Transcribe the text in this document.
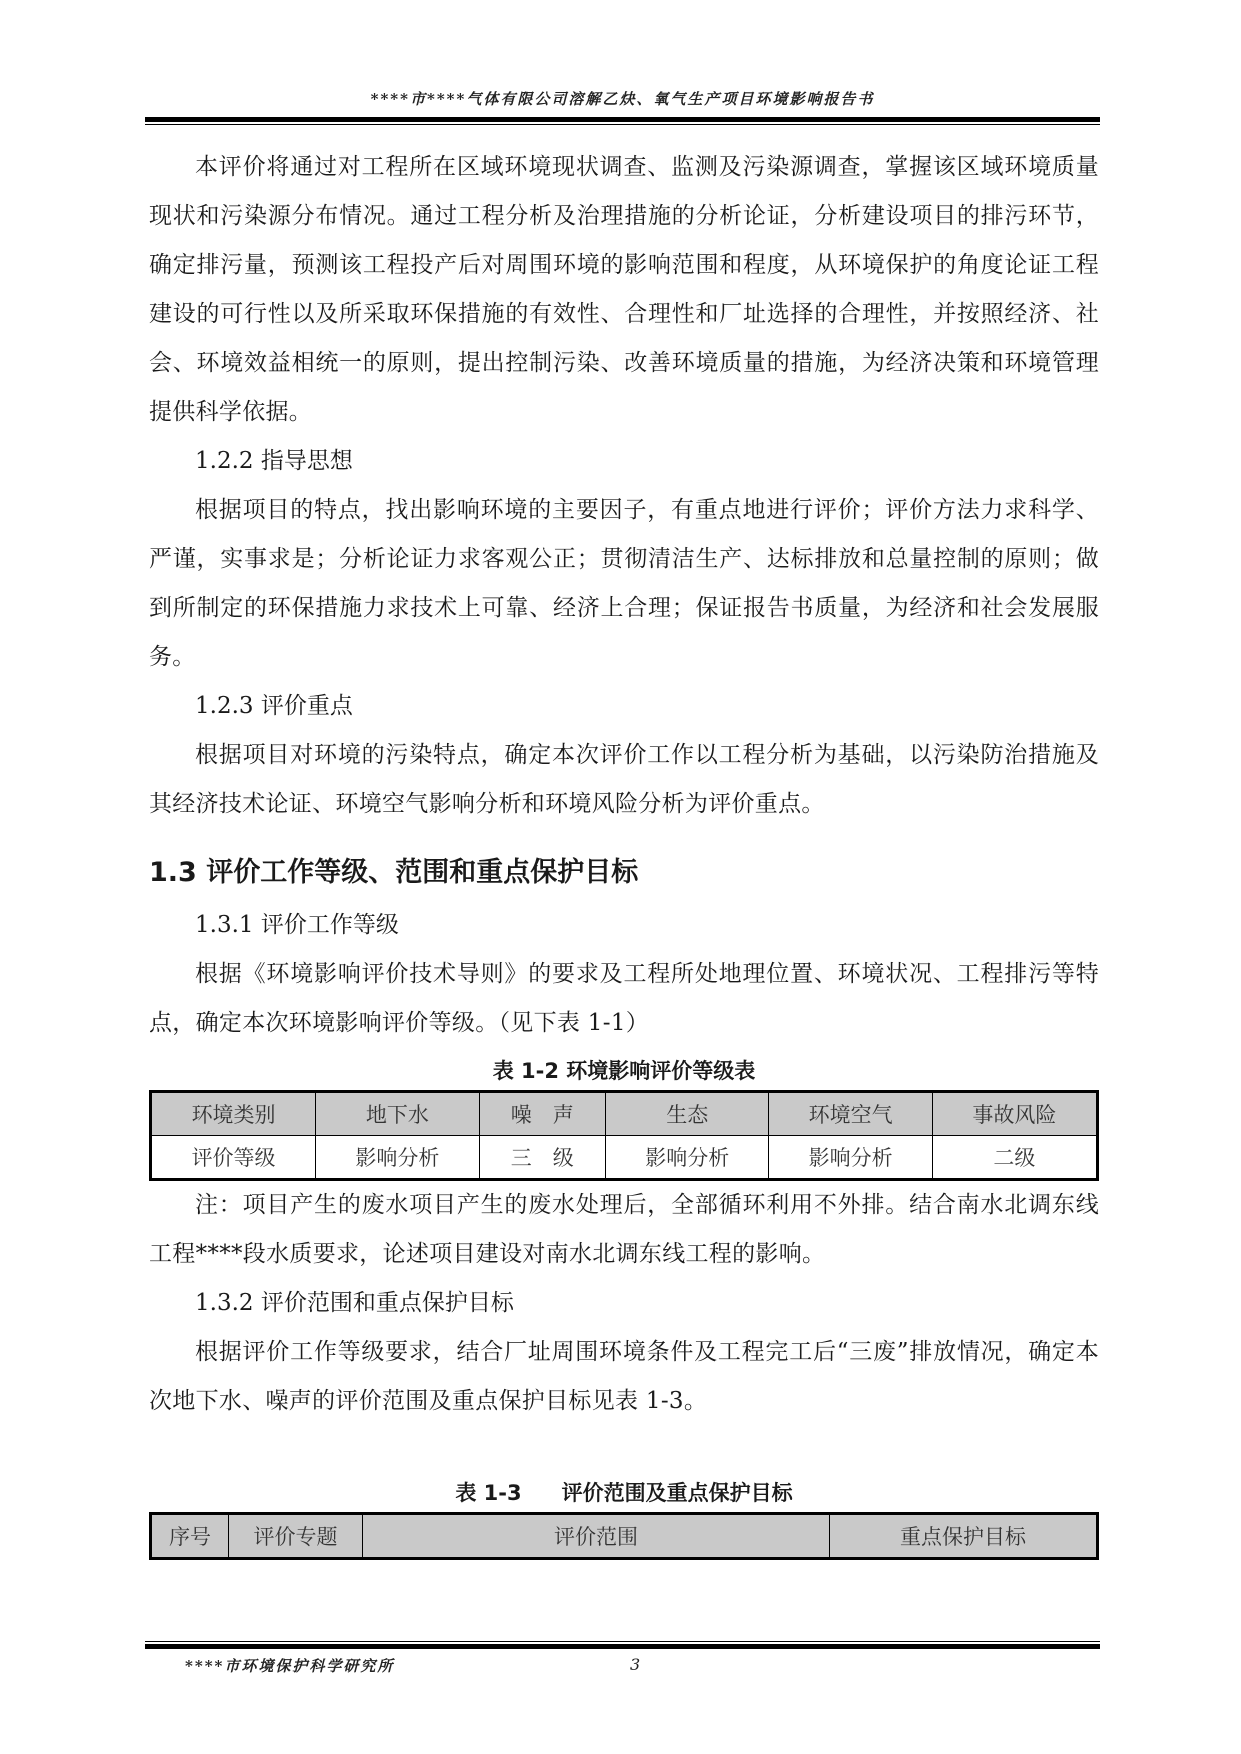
****市****气体有限公司溶解乙炔、氧气生产项目环境影响报告书

本评价将通过对工程所在区域环境现状调查、监测及污染源调查，掌握该区域环境质量现状和污染源分布情况。通过工程分析及治理措施的分析论证，分析建设项目的排污环节，确定排污量，预测该工程投产后对周围环境的影响范围和程度，从环境保护的角度论证工程建设的可行性以及所采取环保措施的有效性、合理性和厂址选择的合理性，并按照经济、社会、环境效益相统一的原则，提出控制污染、改善环境质量的措施，为经济决策和环境管理提供科学依据。

1.2.2 指导思想

根据项目的特点，找出影响环境的主要因子，有重点地进行评价；评价方法力求科学、严谨，实事求是；分析论证力求客观公正；贯彻清洁生产、达标排放和总量控制的原则；做到所制定的环保措施力求技术上可靠、经济上合理；保证报告书质量，为经济和社会发展服务。

1.2.3 评价重点

根据项目对环境的污染特点，确定本次评价工作以工程分析为基础，以污染防治措施及其经济技术论证、环境空气影响分析和环境风险分析为评价重点。

1.3 评价工作等级、范围和重点保护目标

1.3.1 评价工作等级

根据《环境影响评价技术导则》的要求及工程所处地理位置、环境状况、工程排污等特点，确定本次环境影响评价等级。（见下表 1-1）

表 1-2 环境影响评价等级表
环境类别	地下水	噪　声	生态	环境空气	事故风险
评价等级	影响分析	三　级	影响分析	影响分析	二级

注：项目产生的废水项目产生的废水处理后，全部循环利用不外排。结合南水北调东线工程****段水质要求，论述项目建设对南水北调东线工程的影响。

1.3.2 评价范围和重点保护目标

根据评价工作等级要求，结合厂址周围环境条件及工程完工后“三废”排放情况，确定本次地下水、噪声的评价范围及重点保护目标见表 1-3。

表 1-3 评价范围及重点保护目标
序号	评价专题	评价范围	重点保护目标
****市环境保护科学研究所	3
